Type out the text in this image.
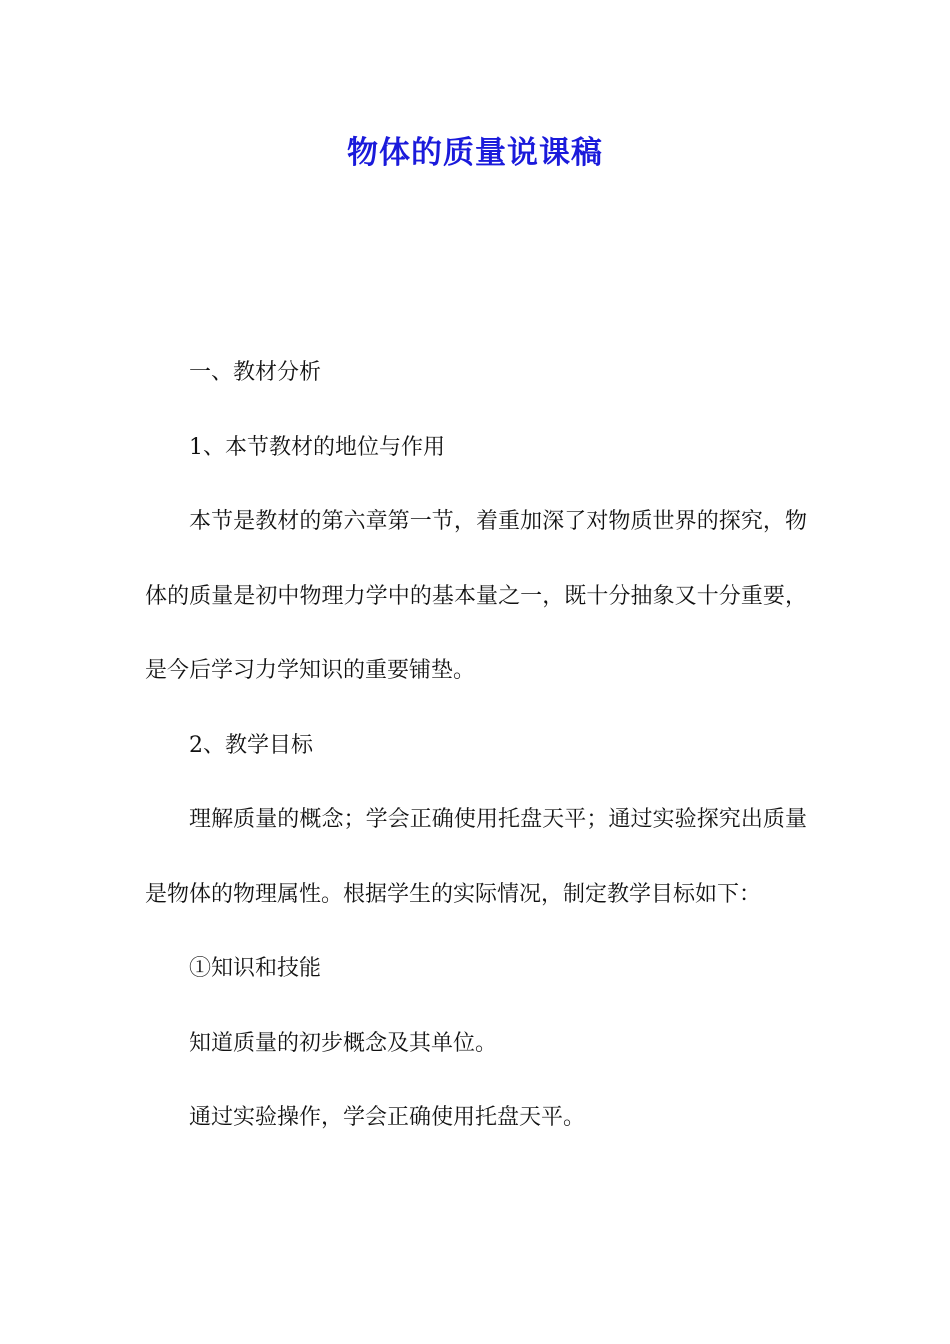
物体的质量说课稿

一、教材分析

1、本节教材的地位与作用

本节是教材的第六章第一节，着重加深了对物质世界的探究，物体的质量是初中物理力学中的基本量之一，既十分抽象又十分重要，是今后学习力学知识的重要铺垫。

2、教学目标

理解质量的概念；学会正确使用托盘天平；通过实验探究出质量是物体的物理属性。根据学生的实际情况，制定教学目标如下：

①知识和技能

知道质量的初步概念及其单位。

通过实验操作，学会正确使用托盘天平。
